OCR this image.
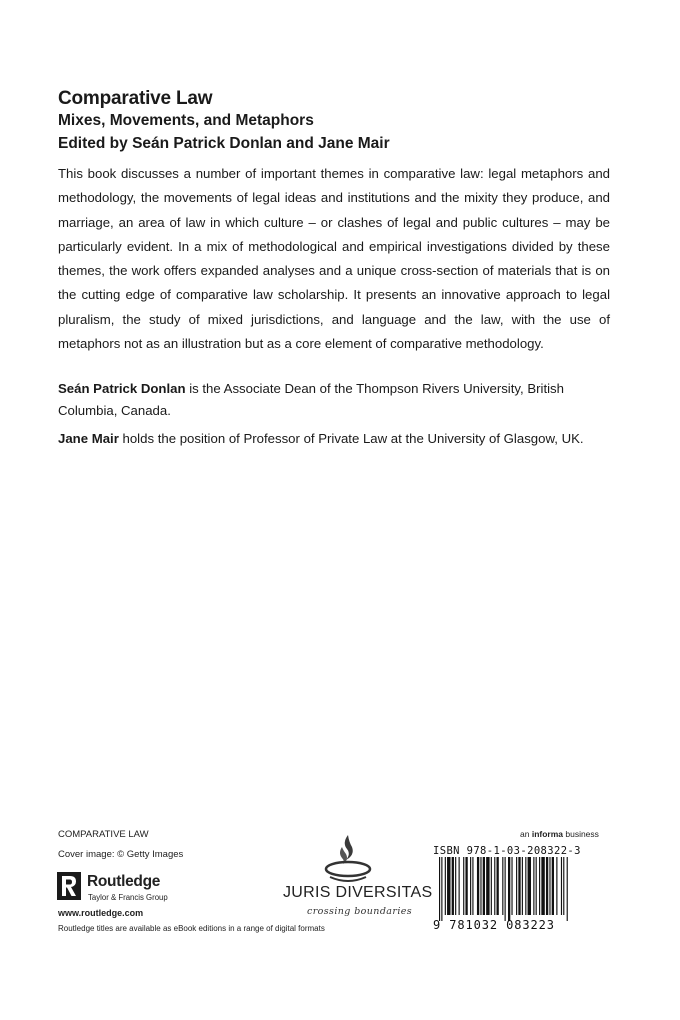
Comparative Law
Mixes, Movements, and Metaphors
Edited by Seán Patrick Donlan and Jane Mair

This book discusses a number of important themes in comparative law: legal metaphors and methodology, the movements of legal ideas and institutions and the mixity they produce, and marriage, an area of law in which culture – or clashes of legal and public cultures – may be particularly evident. In a mix of methodological and empirical investigations divided by these themes, the work offers expanded analyses and a unique cross-section of materials that is on the cutting edge of comparative law scholarship. It presents an innovative approach to legal pluralism, the study of mixed jurisdictions, and language and the law, with the use of metaphors not as an illustration but as a core element of comparative methodology.

Seán Patrick Donlan is the Associate Dean of the Thompson Rivers University, British Columbia, Canada.

Jane Mair holds the position of Professor of Private Law at the University of Glasgow, UK.

COMPARATIVE LAW
Cover image: © Getty Images
Routledge
Taylor & Francis Group
www.routledge.com
Routledge titles are available as eBook editions in a range of digital formats
JURIS DIVERSITAS
crossing boundaries
an informa business
ISBN 978-1-03-208322-3
9 781032 083223
